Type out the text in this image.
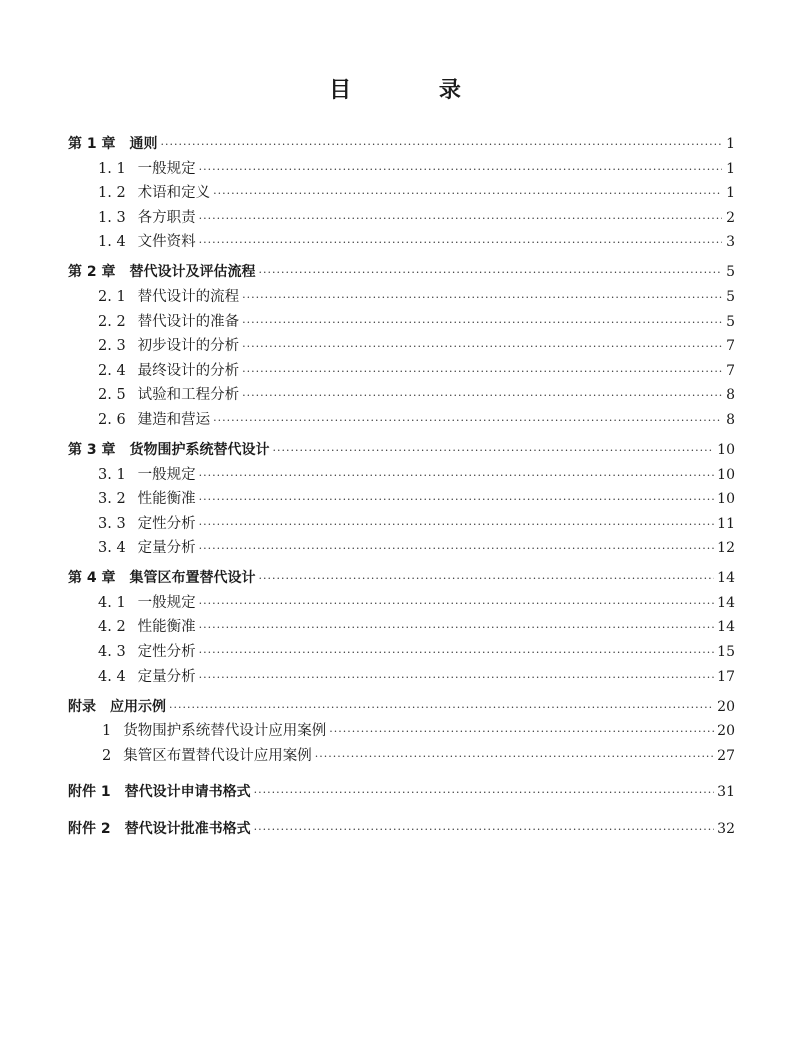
目 录
第 1 章 通则 ·····	1
1. 1 一般规定 ·····	1
1. 2 术语和定义 ·····	1
1. 3 各方职责 ·····	2
1. 4 文件资料 ·····	3
第 2 章 替代设计及评估流程 ·····	5
2. 1 替代设计的流程 ·····	5
2. 2 替代设计的准备 ·····	5
2. 3 初步设计的分析 ·····	7
2. 4 最终设计的分析 ·····	7
2. 5 试验和工程分析 ·····	8
2. 6 建造和营运 ·····	8
第 3 章 货物围护系统替代设计 ·····	10
3. 1 一般规定 ·····	10
3. 2 性能衡准 ·····	10
3. 3 定性分析 ·····	11
3. 4 定量分析 ·····	12
第 4 章 集管区布置替代设计 ·····	14
4. 1 一般规定 ·····	14
4. 2 性能衡准 ·····	14
4. 3 定性分析 ·····	15
4. 4 定量分析 ·····	17
附录 应用示例 ·····	20
1 货物围护系统替代设计应用案例 ·····	20
2 集管区布置替代设计应用案例 ·····	27
附件 1 替代设计申请书格式 ·····	31
附件 2 替代设计批准书格式 ·····	32
